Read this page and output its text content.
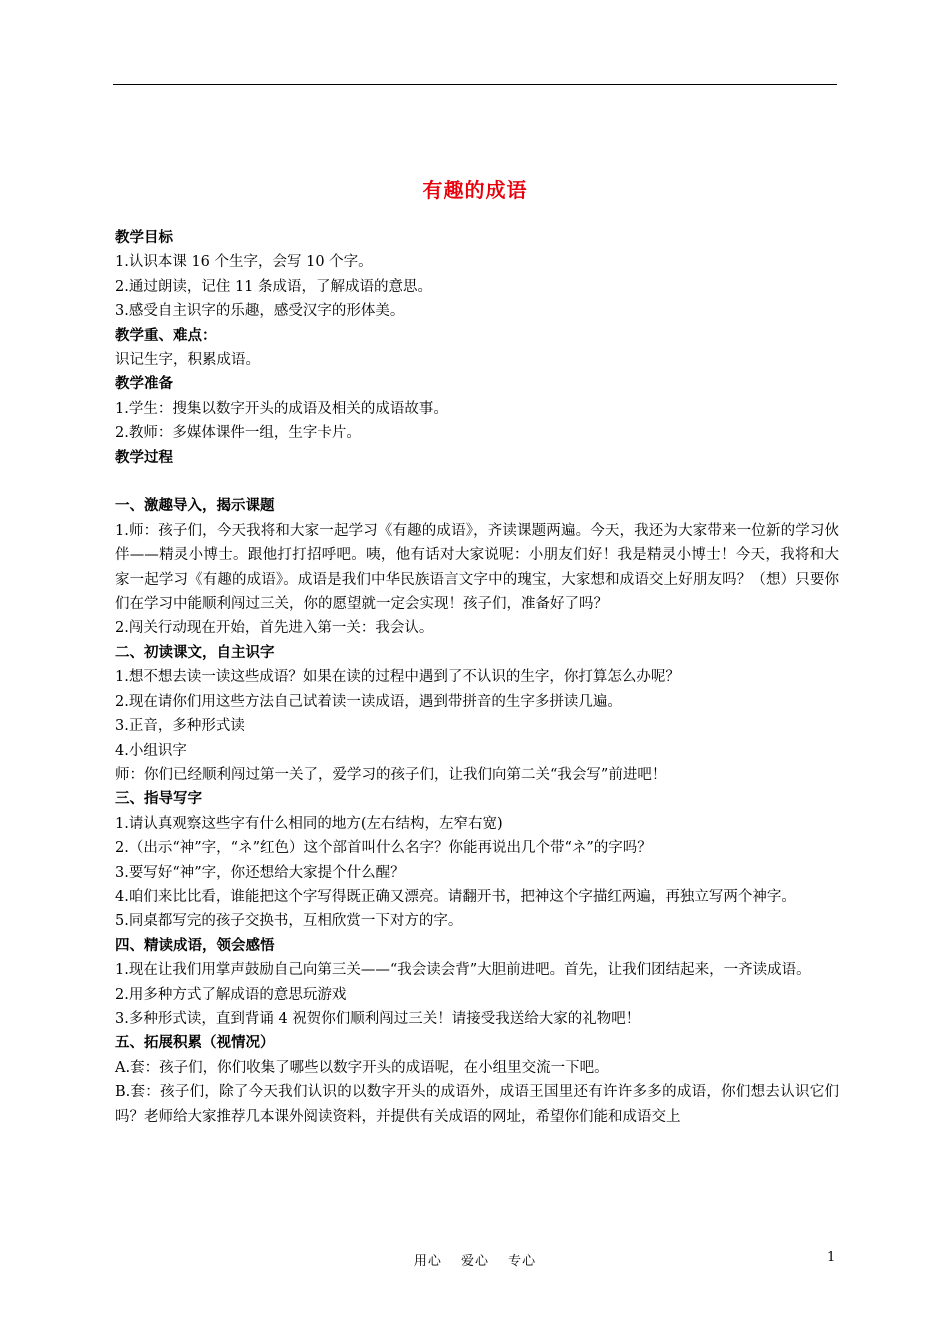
有趣的成语
教学目标
1.认识本课 16 个生字，会写 10 个字。
2.通过朗读，记住 11 条成语，了解成语的意思。
3.感受自主识字的乐趣，感受汉字的形体美。
教学重、难点：
识记生字，积累成语。
教学准备
1.学生：搜集以数字开头的成语及相关的成语故事。
2.教师：多媒体课件一组，生字卡片。
教学过程
一、激趣导入，揭示课题
1.师：孩子们，今天我将和大家一起学习《有趣的成语》，齐读课题两遍。今天，我还为大家带来一位新的学习伙伴——精灵小博士。跟他打打招呼吧。咦，他有话对大家说呢：小朋友们好！我是精灵小博士！今天，我将和大家一起学习《有趣的成语》。成语是我们中华民族语言文字中的瑰宝，大家想和成语交上好朋友吗？（想）只要你们在学习中能顺利闯过三关，你的愿望就一定会实现！孩子们，准备好了吗？
2.闯关行动现在开始，首先进入第一关：我会认。
二、初读课文，自主识字
1.想不想去读一读这些成语？如果在读的过程中遇到了不认识的生字，你打算怎么办呢？
2.现在请你们用这些方法自己试着读一读成语，遇到带拼音的生字多拼读几遍。
3.正音，多种形式读
4.小组识字
师：你们已经顺利闯过第一关了，爱学习的孩子们，让我们向第二关“我会写”前进吧！
三、指导写字
1.请认真观察这些字有什么相同的地方(左右结构，左窄右宽)
2.（出示“神”字，“ネ”红色）这个部首叫什么名字？你能再说出几个带“ネ”的字吗？
3.要写好“神”字，你还想给大家提个什么醒？
4.咱们来比比看，谁能把这个字写得既正确又漂亮。请翻开书，把神这个字描红两遍，再独立写两个神字。
5.同桌都写完的孩子交换书，互相欣赏一下对方的字。
四、精读成语，领会感悟
1.现在让我们用掌声鼓励自己向第三关——“我会读会背”大胆前进吧。首先，让我们团结起来，一齐读成语。
2.用多种方式了解成语的意思玩游戏
3.多种形式读，直到背诵 4 祝贺你们顺利闯过三关！请接受我送给大家的礼物吧！
五、拓展积累（视情况）
A.套：孩子们，你们收集了哪些以数字开头的成语呢，在小组里交流一下吧。
B.套：孩子们，除了今天我们认识的以数字开头的成语外，成语王国里还有许许多多的成语，你们想去认识它们吗？老师给大家推荐几本课外阅读资料，并提供有关成语的网址，希望你们能和成语交上
用心　 爱心　 专心	1
